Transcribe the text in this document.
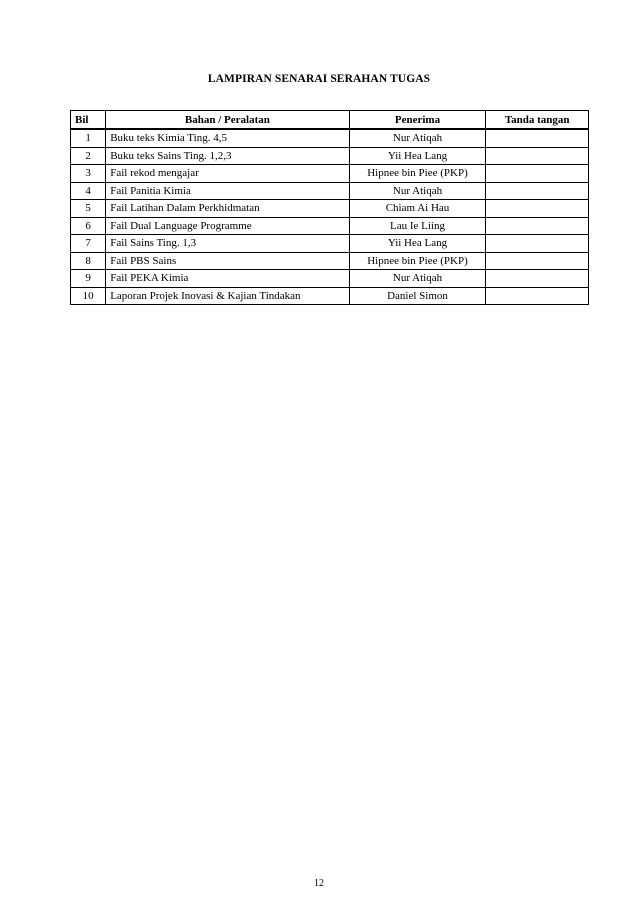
LAMPIRAN SENARAI SERAHAN TUGAS
Bil	Bahan / Peralatan	Penerima	Tanda tangan
1	Buku teks Kimia Ting. 4,5	Nur Atiqah	
2	Buku teks Sains Ting. 1,2,3	Yii Hea Lang	
3	Fail rekod mengajar	Hipnee bin Piee (PKP)	
4	Fail Panitia Kimia	Nur Atiqah	
5	Fail Latihan Dalam Perkhidmatan	Chiam Ai Hau	
6	Fail Dual Language Programme	Lau Ie Liing	
7	Fail Sains Ting. 1,3	Yii Hea Lang	
8	Fail PBS Sains	Hipnee bin Piee (PKP)	
9	Fail PEKA Kimia	Nur Atiqah	
10	Laporan Projek Inovasi & Kajian Tindakan	Daniel Simon	
12
